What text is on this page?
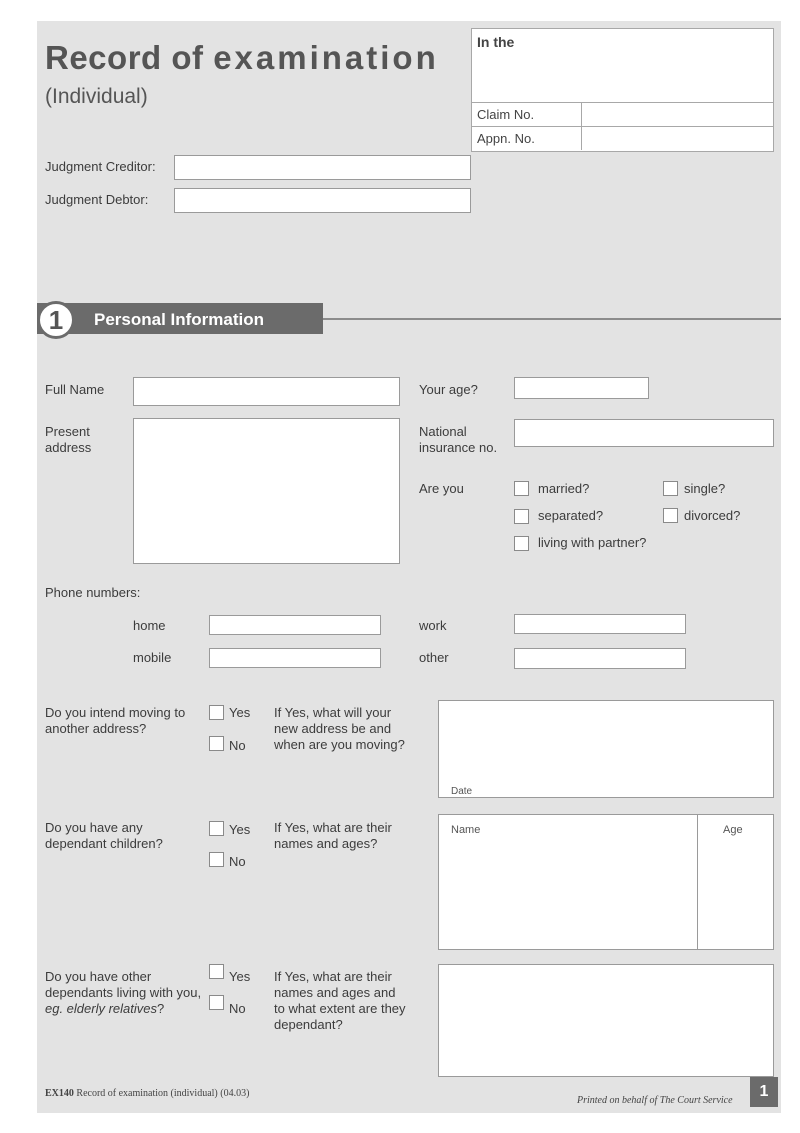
Record of examination
(Individual)
In the
Claim No.
Appn. No.
Judgment Creditor:
Judgment Debtor:
1	Personal Information
Full Name	Your age?
Present
address
National
insurance no.
Are you	married?	single?
separated?	divorced?
living with partner?
Phone numbers:
home	work
mobile	other
Do you intend moving to
another address?
Yes
No
If Yes, what will your
new address be and
when are you moving?
Date
Do you have any
dependant children?
Yes
No
If Yes, what are their
names and ages?
Name	Age
Do you have other
dependants living with you,
eg. elderly relatives?
Yes
No
If Yes, what are their
names and ages and
to what extent are they
dependant?
EX140 Record of examination (individual) (04.03)
Printed on behalf of The Court Service
1
